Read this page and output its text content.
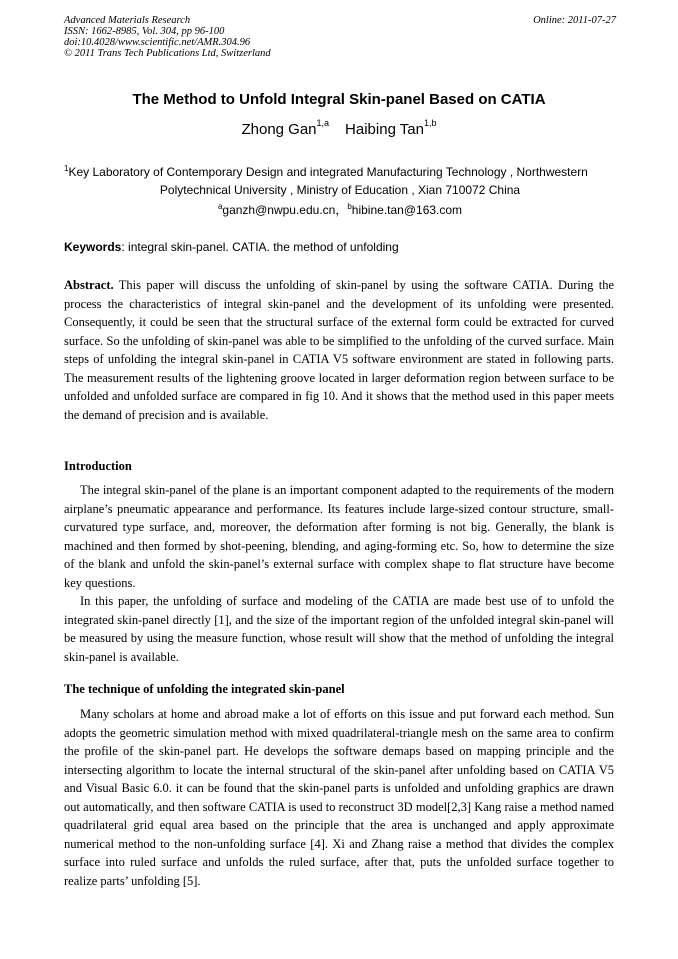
Advanced Materials Research
ISSN: 1662-8985, Vol. 304, pp 96-100
doi:10.4028/www.scientific.net/AMR.304.96
© 2011 Trans Tech Publications Ltd, Switzerland
Online: 2011-07-27
The Method to Unfold Integral Skin-panel Based on CATIA
Zhong Gan$^{1,a}$ Haibing Tan$^{1,b}$
$^1$Key Laboratory of Contemporary Design and integrated Manufacturing Technology , Northwestern
Polytechnical University , Ministry of Education , Xian 710072 China
$^a$ganzh@nwpu.edu.cn，$^b$hibine.tan@163.com
Keywords: integral skin-panel. CATIA. the method of unfolding

Abstract. This paper will discuss the unfolding of skin-panel by using the software CATIA. During the process the characteristics of integral skin-panel and the development of its unfolding were presented. Consequently, it could be seen that the structural surface of the external form could be extracted for curved surface. So the unfolding of skin-panel was able to be simplified to the unfolding of the curved surface. Main steps of unfolding the integral skin-panel in CATIA V5 software environment are stated in following parts. The measurement results of the lightening groove located in larger deformation region between surface to be unfolded and unfolded surface are compared in fig 10. And it shows that the method used in this paper meets the demand of precision and is available.

Introduction

The integral skin-panel of the plane is an important component adapted to the requirements of the modern airplane’s pneumatic appearance and performance. Its features include large-sized contour structure, small-curvatured type surface, and, moreover, the deformation after forming is not big. Generally, the blank is machined and then formed by shot-peening, blending, and aging-forming etc. So, how to determine the size of the blank and unfold the skin-panel’s external surface with complex shape to flat structure have become key questions.

In this paper, the unfolding of surface and modeling of the CATIA are made best use of to unfold the integrated skin-panel directly [1], and the size of the important region of the unfolded integral skin-panel will be measured by using the measure function, whose result will show that the method of unfolding the integral skin-panel is available.

The technique of unfolding the integrated skin-panel

Many scholars at home and abroad make a lot of efforts on this issue and put forward each method. Sun adopts the geometric simulation method with mixed quadrilateral-triangle mesh on the same area to confirm the profile of the skin-panel part. He develops the software demaps based on mapping principle and the intersecting algorithm to locate the internal structural of the skin-panel after unfolding based on CATIA V5 and Visual Basic 6.0. it can be found that the skin-panel parts is unfolded and unfolding graphics are drawn out automatically, and then software CATIA is used to reconstruct 3D model[2,3] Kang raise a method named quadrilateral grid equal area based on the principle that the area is unchanged and apply approximate numerical method to the non-unfolding surface [4]. Xi and Zhang raise a method that divides the complex surface into ruled surface and unfolds the ruled surface, after that, puts the unfolded surface together to realize parts’ unfolding [5].
